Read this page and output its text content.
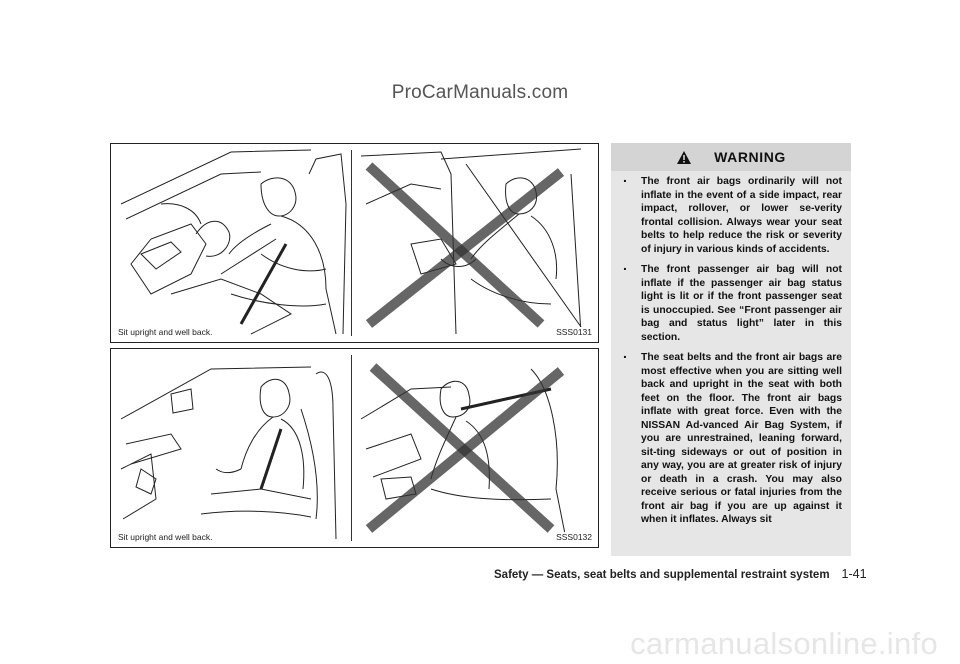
ProCarManuals.com
Sit upright and well back.	SSS0131
Sit upright and well back.	SSS0132
WARNING
. The front air bags ordinarily will not inflate in the event of a side impact, rear impact, rollover, or lower se-verity frontal collision. Always wear your seat belts to help reduce the risk or severity of injury in various kinds of accidents.
. The front passenger air bag will not inflate if the passenger air bag status light is lit or if the front passenger seat is unoccupied. See “Front passenger air bag and status light” later in this section.
. The seat belts and the front air bags are most effective when you are sitting well back and upright in the seat with both feet on the floor. The front air bags inflate with great force. Even with the NISSAN Ad-vanced Air Bag System, if you are unrestrained, leaning forward, sit-ting sideways or out of position in any way, you are at greater risk of injury or death in a crash. You may also receive serious or fatal injuries from the front air bag if you are up against it when it inflates. Always sit
Safety — Seats, seat belts and supplemental restraint system 1-41
carmanualsonline.info
